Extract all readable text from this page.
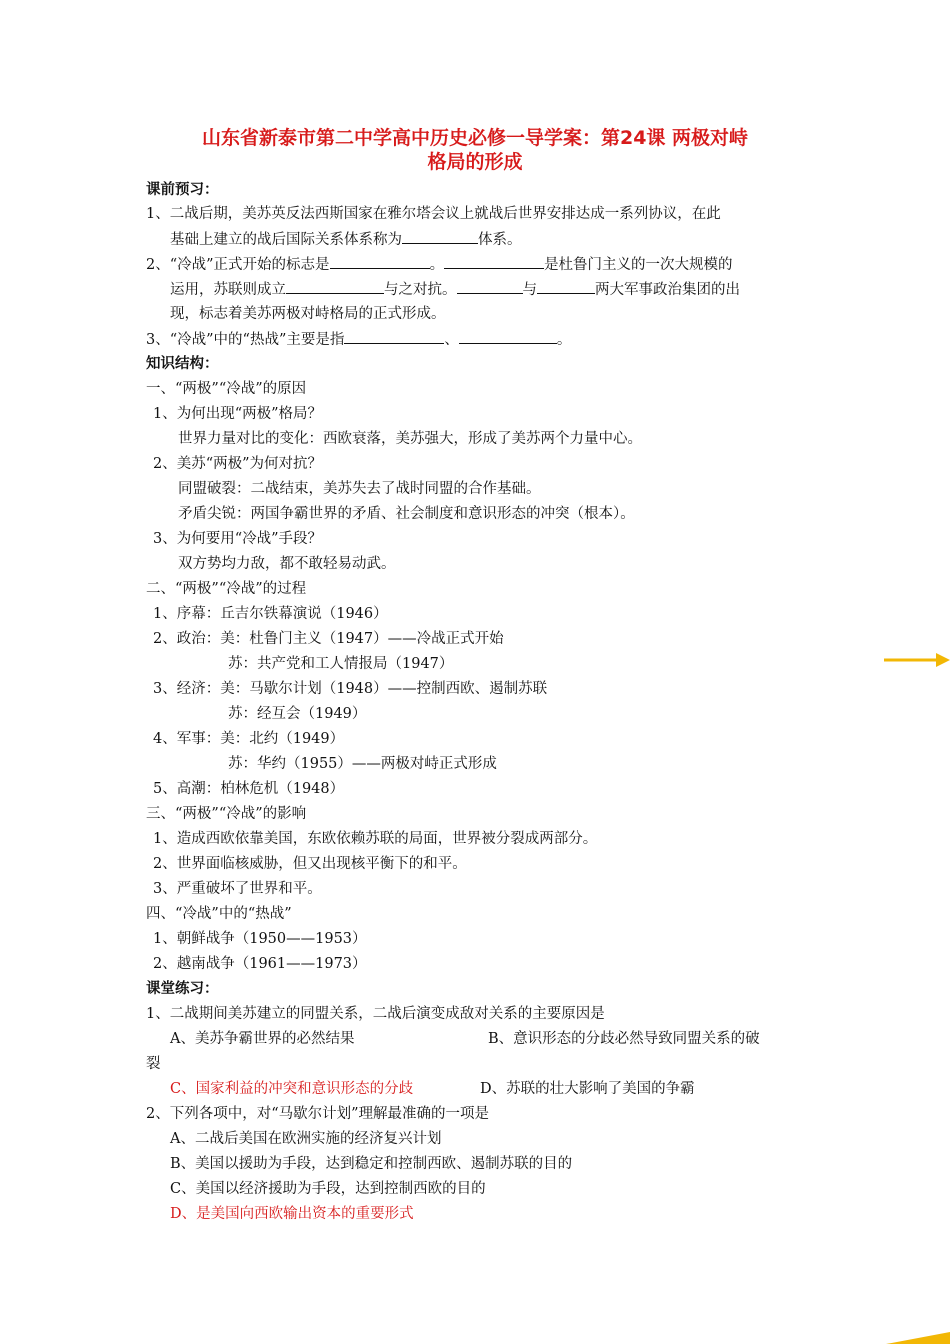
山东省新泰市第二中学高中历史必修一导学案：第24课 两极对峙
格局的形成
课前预习：
1、二战后期，美苏英反法西斯国家在雅尔塔会议上就战后世界安排达成一系列协议，在此
基础上建立的战后国际关系体系称为	体系。
2、“冷战”正式开始的标志是	。	是杜鲁门主义的一次大规模的
运用，苏联则成立	与之对抗。	与	两大军事政治集团的出
现，标志着美苏两极对峙格局的正式形成。
3、“冷战”中的“热战”主要是指	、	。
知识结构：
一、“两极”“冷战”的原因
1、为何出现“两极”格局？
世界力量对比的变化：西欧衰落，美苏强大，形成了美苏两个力量中心。
2、美苏“两极”为何对抗？
同盟破裂：二战结束，美苏失去了战时同盟的合作基础。
矛盾尖锐：两国争霸世界的矛盾、社会制度和意识形态的冲突（根本）。
3、为何要用“冷战”手段？
双方势均力敌，都不敢轻易动武。
二、“两极”“冷战”的过程
1、序幕：丘吉尔铁幕演说（1946）
2、政治：美：杜鲁门主义（1947）——冷战正式开始
苏：共产党和工人情报局（1947）
3、经济：美：马歇尔计划（1948）——控制西欧、遏制苏联
苏：经互会（1949）
4、军事：美：北约（1949）
苏：华约（1955）——两极对峙正式形成
5、高潮：柏林危机（1948）
三、“两极”“冷战”的影响
1、造成西欧依靠美国，东欧依赖苏联的局面，世界被分裂成两部分。
2、世界面临核威胁，但又出现核平衡下的和平。
3、严重破坏了世界和平。
四、“冷战”中的“热战”
1、朝鲜战争（1950——1953）
2、越南战争（1961——1973）
课堂练习：
1、二战期间美苏建立的同盟关系，二战后演变成敌对关系的主要原因是
A、美苏争霸世界的必然结果	B、意识形态的分歧必然导致同盟关系的破
裂
C、国家利益的冲突和意识形态的分歧	D、苏联的壮大影响了美国的争霸
2、下列各项中，对“马歇尔计划”理解最准确的一项是
A、二战后美国在欧洲实施的经济复兴计划
B、美国以援助为手段，达到稳定和控制西欧、遏制苏联的目的
C、美国以经济援助为手段，达到控制西欧的目的
D、是美国向西欧输出资本的重要形式
